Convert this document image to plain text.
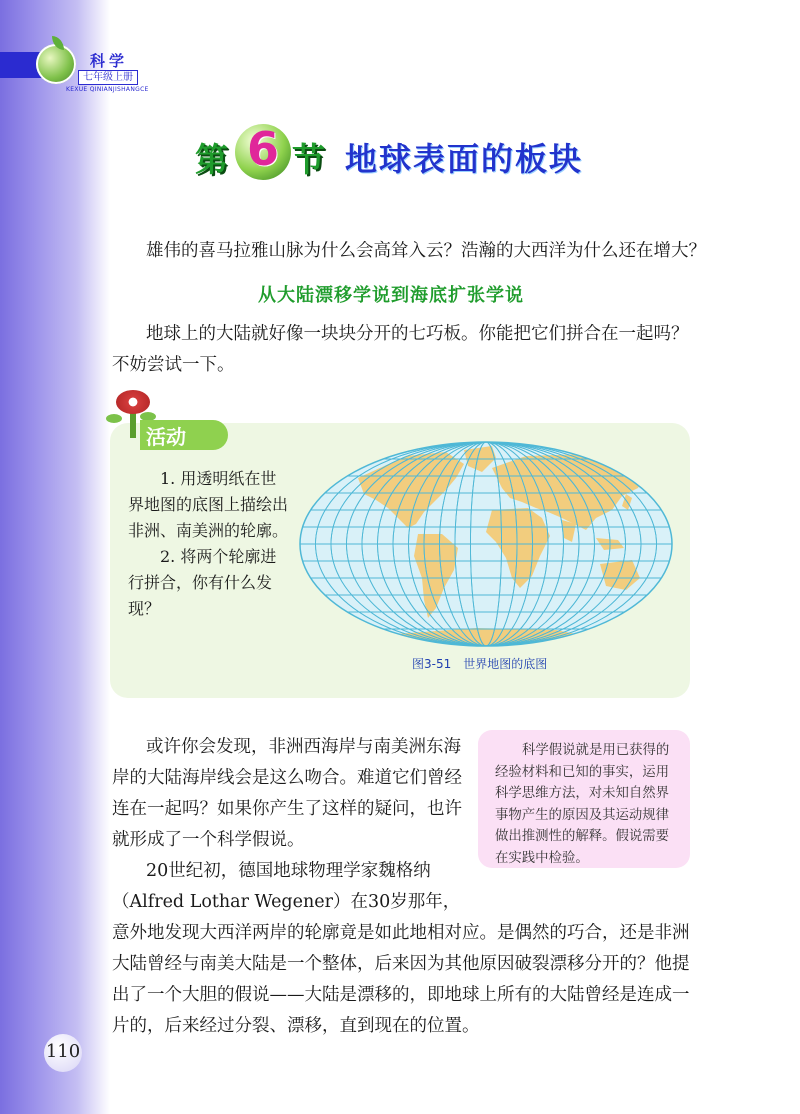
科学
七年级上册
KEXUE QINIANJISHANGCE
第 6 节 地球表面的板块
雄伟的喜马拉雅山脉为什么会高耸入云？浩瀚的大西洋为什么还在增大？
从大陆漂移学说到海底扩张学说
地球上的大陆就好像一块块分开的七巧板。你能把它们拼合在一起吗？不妨尝试一下。
活动

1. 用透明纸在世界地图的底图上描绘出非洲、南美洲的轮廓。

2. 将两个轮廓进行拼合，你有什么发现？

图3-51　世界地图的底图
或许你会发现，非洲西海岸与南美洲东海岸的大陆海岸线会是这么吻合。难道它们曾经连在一起吗？如果你产生了这样的疑问，也许就形成了一个科学假说。
20世纪初，德国地球物理学家魏格纳（Alfred Lothar Wegener）在30岁那年，
意外地发现大西洋两岸的轮廓竟是如此地相对应。是偶然的巧合，还是非洲大陆曾经与南美大陆是一个整体，后来因为其他原因破裂漂移分开的？他提出了一个大胆的假说——大陆是漂移的，即地球上所有的大陆曾经是连成一片的，后来经过分裂、漂移，直到现在的位置。
科学假说就是用已获得的经验材料和已知的事实，运用科学思维方法，对未知自然界事物产生的原因及其运动规律做出推测性的解释。假说需要在实践中检验。
110
